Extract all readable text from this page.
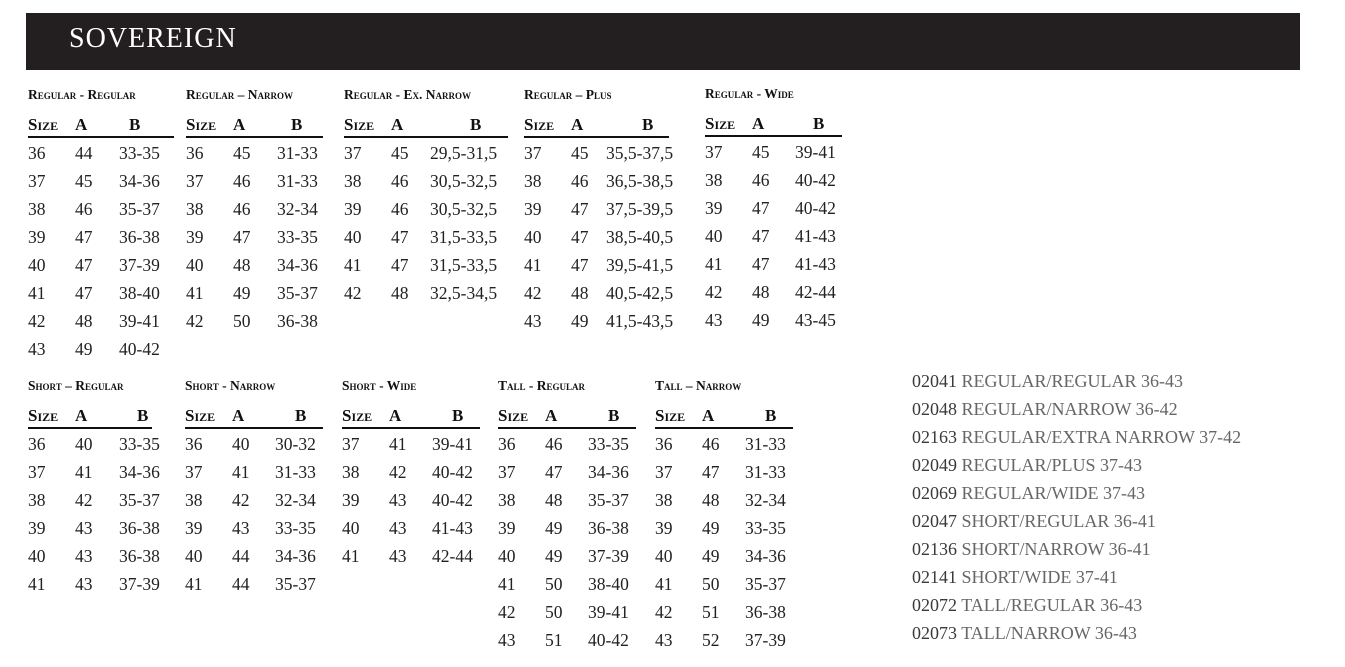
SOVEREIGN
Regular - Regular
Size A B
36 44 33-35
37 45 34-36
38 46 35-37
39 47 36-38
40 47 37-39
41 47 38-40
42 48 39-41
43 49 40-42
Regular – Narrow
Size A	B
36 45 31-33
37 46 31-33
38 46 32-34
39 47 33-35
40 48 34-36
41 49 35-37
42 50 36-38
Regular - Ex. Narrow
Size A	B
37 45 29,5-31,5
38 46 30,5-32,5
39 46 30,5-32,5
40 47 31,5-33,5
41 47 31,5-33,5
42 48 32,5-34,5
Regular – Plus
Size A	B
37 45 35,5-37,5
38 46 36,5-38,5
39 47 37,5-39,5
40 47 38,5-40,5
41 47 39,5-41,5
42 48 40,5-42,5
43 49 41,5-43,5
Regular - Wide
Size A	B
37 45 39-41
38 46 40-42
39 47 40-42
40 47 41-43
41 47 41-43
42 48 42-44
43 49 43-45
Short – Regular
Size A	B
36 40 33-35
37 41 34-36
38 42 35-37
39 43 36-38
40 43 36-38
41 43 37-39
Short - Narrow
Size A	B
36 40 30-32
37 41 31-33
38 42 32-34
39 43 33-35
40 44 34-36
41 44 35-37
Short - Wide
Size A	B
37 41 39-41
38 42 40-42
39 43 40-42
40 43 41-43
41 43 42-44
Tall - Regular
Size A	B
36 46 33-35
37 47 34-36
38 48 35-37
39 49 36-38
40 49 37-39
41 50 38-40
42 50 39-41
43 51 40-42
Tall – Narrow
Size A	B
36 46 31-33
37 47 31-33
38 48 32-34
39 49 33-35
40 49 34-36
41 50 35-37
42 51 36-38
43 52 37-39
02041 REGULAR/REGULAR 36-43
02048 REGULAR/NARROW 36-42
02163 REGULAR/EXTRA NARROW 37-42
02049 REGULAR/PLUS 37-43
02069 REGULAR/WIDE 37-43
02047 SHORT/REGULAR 36-41
02136 SHORT/NARROW 36-41
02141 SHORT/WIDE 37-41
02072 TALL/REGULAR 36-43
02073 TALL/NARROW 36-43
